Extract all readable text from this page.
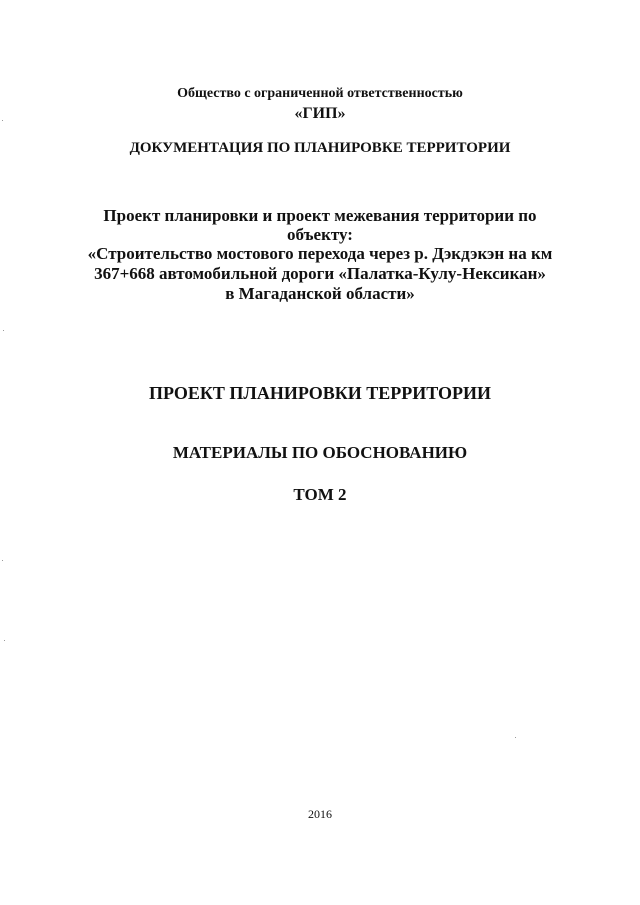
Общество с ограниченной ответственностью
«ГИП»
ДОКУМЕНТАЦИЯ ПО ПЛАНИРОВКЕ ТЕРРИТОРИИ
Проект планировки и проект межевания территории по
объекту:
«Строительство мостового перехода через р. Дэкдэкэн на км
367+668 автомобильной дороги «Палатка-Кулу-Нексикан»
в Магаданской области»
ПРОЕКТ ПЛАНИРОВКИ ТЕРРИТОРИИ
МАТЕРИАЛЫ ПО ОБОСНОВАНИЮ
ТОМ 2
2016
